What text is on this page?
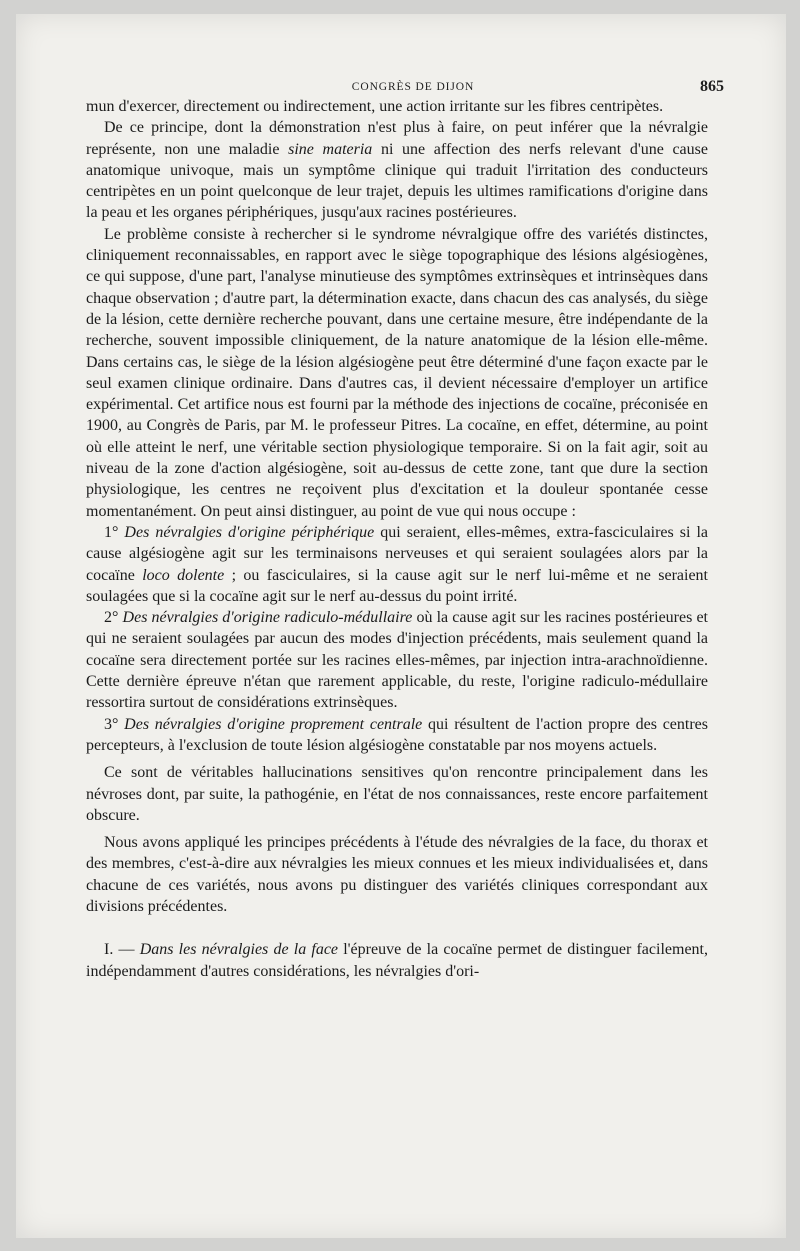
CONGRÈS DE DIJON	865

mun d'exercer, directement ou indirectement, une action irritante sur les fibres centripètes.

De ce principe, dont la démonstration n'est plus à faire, on peut inférer que la névralgie représente, non une maladie sine materia ni une affection des nerfs relevant d'une cause anatomique univoque, mais un symptôme clinique qui traduit l'irritation des conducteurs centripètes en un point quelconque de leur trajet, depuis les ultimes ramifications d'origine dans la peau et les organes périphériques, jusqu'aux racines postérieures.

Le problème consiste à rechercher si le syndrome névralgique offre des variétés distinctes, cliniquement reconnaissables, en rapport avec le siège topographique des lésions algésiogènes, ce qui suppose, d'une part, l'analyse minutieuse des symptômes extrinsèques et intrinsèques dans chaque observation ; d'autre part, la détermination exacte, dans chacun des cas analysés, du siège de la lésion, cette dernière recherche pouvant, dans une certaine mesure, être indépendante de la recherche, souvent impossible cliniquement, de la nature anatomique de la lésion elle-même. Dans certains cas, le siège de la lésion algésiogène peut être déterminé d'une façon exacte par le seul examen clinique ordinaire. Dans d'autres cas, il devient nécessaire d'employer un artifice expérimental. Cet artifice nous est fourni par la méthode des injections de cocaïne, préconisée en 1900, au Congrès de Paris, par M. le professeur Pitres. La cocaïne, en effet, détermine, au point où elle atteint le nerf, une véritable section physiologique temporaire. Si on la fait agir, soit au niveau de la zone d'action algésiogène, soit au-dessus de cette zone, tant que dure la section physiologique, les centres ne reçoivent plus d'excitation et la douleur spontanée cesse momentanément. On peut ainsi distinguer, au point de vue qui nous occupe :

1° Des névralgies d'origine périphérique qui seraient, elles-mêmes, extra-fasciculaires si la cause algésiogène agit sur les terminaisons nerveuses et qui seraient soulagées alors par la cocaïne loco dolente ; ou fasciculaires, si la cause agit sur le nerf lui-même et ne seraient soulagées que si la cocaïne agit sur le nerf au-dessus du point irrité.

2° Des névralgies d'origine radiculo-médullaire où la cause agit sur les racines postérieures et qui ne seraient soulagées par aucun des modes d'injection précédents, mais seulement quand la cocaïne sera directement portée sur les racines elles-mêmes, par injection intra-arachnoïdienne. Cette dernière épreuve n'étan que rarement applicable, du reste, l'origine radiculo-médullaire ressortira surtout de considérations extrinsèques.

3° Des névralgies d'origine proprement centrale qui résultent de l'action propre des centres percepteurs, à l'exclusion de toute lésion algésiogène constatable par nos moyens actuels.

Ce sont de véritables hallucinations sensitives qu'on rencontre principalement dans les névroses dont, par suite, la pathogénie, en l'état de nos connaissances, reste encore parfaitement obscure.

Nous avons appliqué les principes précédents à l'étude des névralgies de la face, du thorax et des membres, c'est-à-dire aux névralgies les mieux connues et les mieux individualisées et, dans chacune de ces variétés, nous avons pu distinguer des variétés cliniques correspondant aux divisions précédentes.

I. — Dans les névralgies de la face l'épreuve de la cocaïne permet de distinguer facilement, indépendamment d'autres considérations, les névralgies d'ori-
